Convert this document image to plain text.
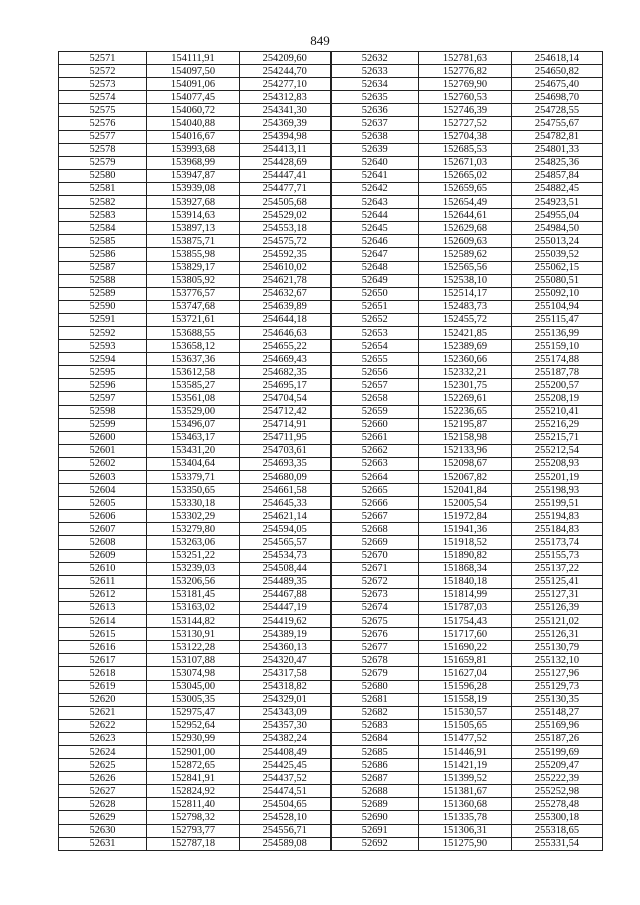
849
52571	154111,91	254209,60	52632	152781,63	254618,14
52572	154097,50	254244,70	52633	152776,82	254650,82
52573	154091,06	254277,10	52634	152769,90	254675,40
52574	154077,45	254312,83	52635	152760,53	254698,70
52575	154060,72	254341,30	52636	152746,39	254728,55
52576	154040,88	254369,39	52637	152727,52	254755,67
52577	154016,67	254394,98	52638	152704,38	254782,81
52578	153993,68	254413,11	52639	152685,53	254801,33
52579	153968,99	254428,69	52640	152671,03	254825,36
52580	153947,87	254447,41	52641	152665,02	254857,84
52581	153939,08	254477,71	52642	152659,65	254882,45
52582	153927,68	254505,68	52643	152654,49	254923,51
52583	153914,63	254529,02	52644	152644,61	254955,04
52584	153897,13	254553,18	52645	152629,68	254984,50
52585	153875,71	254575,72	52646	152609,63	255013,24
52586	153855,98	254592,35	52647	152589,62	255039,52
52587	153829,17	254610,02	52648	152565,56	255062,15
52588	153805,92	254621,78	52649	152538,10	255080,51
52589	153776,57	254632,67	52650	152514,17	255092,10
52590	153747,68	254639,89	52651	152483,73	255104,94
52591	153721,61	254644,18	52652	152455,72	255115,47
52592	153688,55	254646,63	52653	152421,85	255136,99
52593	153658,12	254655,22	52654	152389,69	255159,10
52594	153637,36	254669,43	52655	152360,66	255174,88
52595	153612,58	254682,35	52656	152332,21	255187,78
52596	153585,27	254695,17	52657	152301,75	255200,57
52597	153561,08	254704,54	52658	152269,61	255208,19
52598	153529,00	254712,42	52659	152236,65	255210,41
52599	153496,07	254714,91	52660	152195,87	255216,29
52600	153463,17	254711,95	52661	152158,98	255215,71
52601	153431,20	254703,61	52662	152133,96	255212,54
52602	153404,64	254693,35	52663	152098,67	255208,93
52603	153379,71	254680,09	52664	152067,82	255201,19
52604	153350,65	254661,58	52665	152041,84	255198,93
52605	153330,18	254645,33	52666	152005,54	255199,51
52606	153302,29	254621,14	52667	151972,84	255194,83
52607	153279,80	254594,05	52668	151941,36	255184,83
52608	153263,06	254565,57	52669	151918,52	255173,74
52609	153251,22	254534,73	52670	151890,82	255155,73
52610	153239,03	254508,44	52671	151868,34	255137,22
52611	153206,56	254489,35	52672	151840,18	255125,41
52612	153181,45	254467,88	52673	151814,99	255127,31
52613	153163,02	254447,19	52674	151787,03	255126,39
52614	153144,82	254419,62	52675	151754,43	255121,02
52615	153130,91	254389,19	52676	151717,60	255126,31
52616	153122,28	254360,13	52677	151690,22	255130,79
52617	153107,88	254320,47	52678	151659,81	255132,10
52618	153074,98	254317,58	52679	151627,04	255127,96
52619	153045,00	254318,82	52680	151596,28	255129,73
52620	153005,35	254329,01	52681	151558,19	255130,35
52621	152975,47	254343,09	52682	151530,57	255148,27
52622	152952,64	254357,30	52683	151505,65	255169,96
52623	152930,99	254382,24	52684	151477,52	255187,26
52624	152901,00	254408,49	52685	151446,91	255199,69
52625	152872,65	254425,45	52686	151421,19	255209,47
52626	152841,91	254437,52	52687	151399,52	255222,39
52627	152824,92	254474,51	52688	151381,67	255252,98
52628	152811,40	254504,65	52689	151360,68	255278,48
52629	152798,32	254528,10	52690	151335,78	255300,18
52630	152793,77	254556,71	52691	151306,31	255318,65
52631	152787,18	254589,08	52692	151275,90	255331,54
